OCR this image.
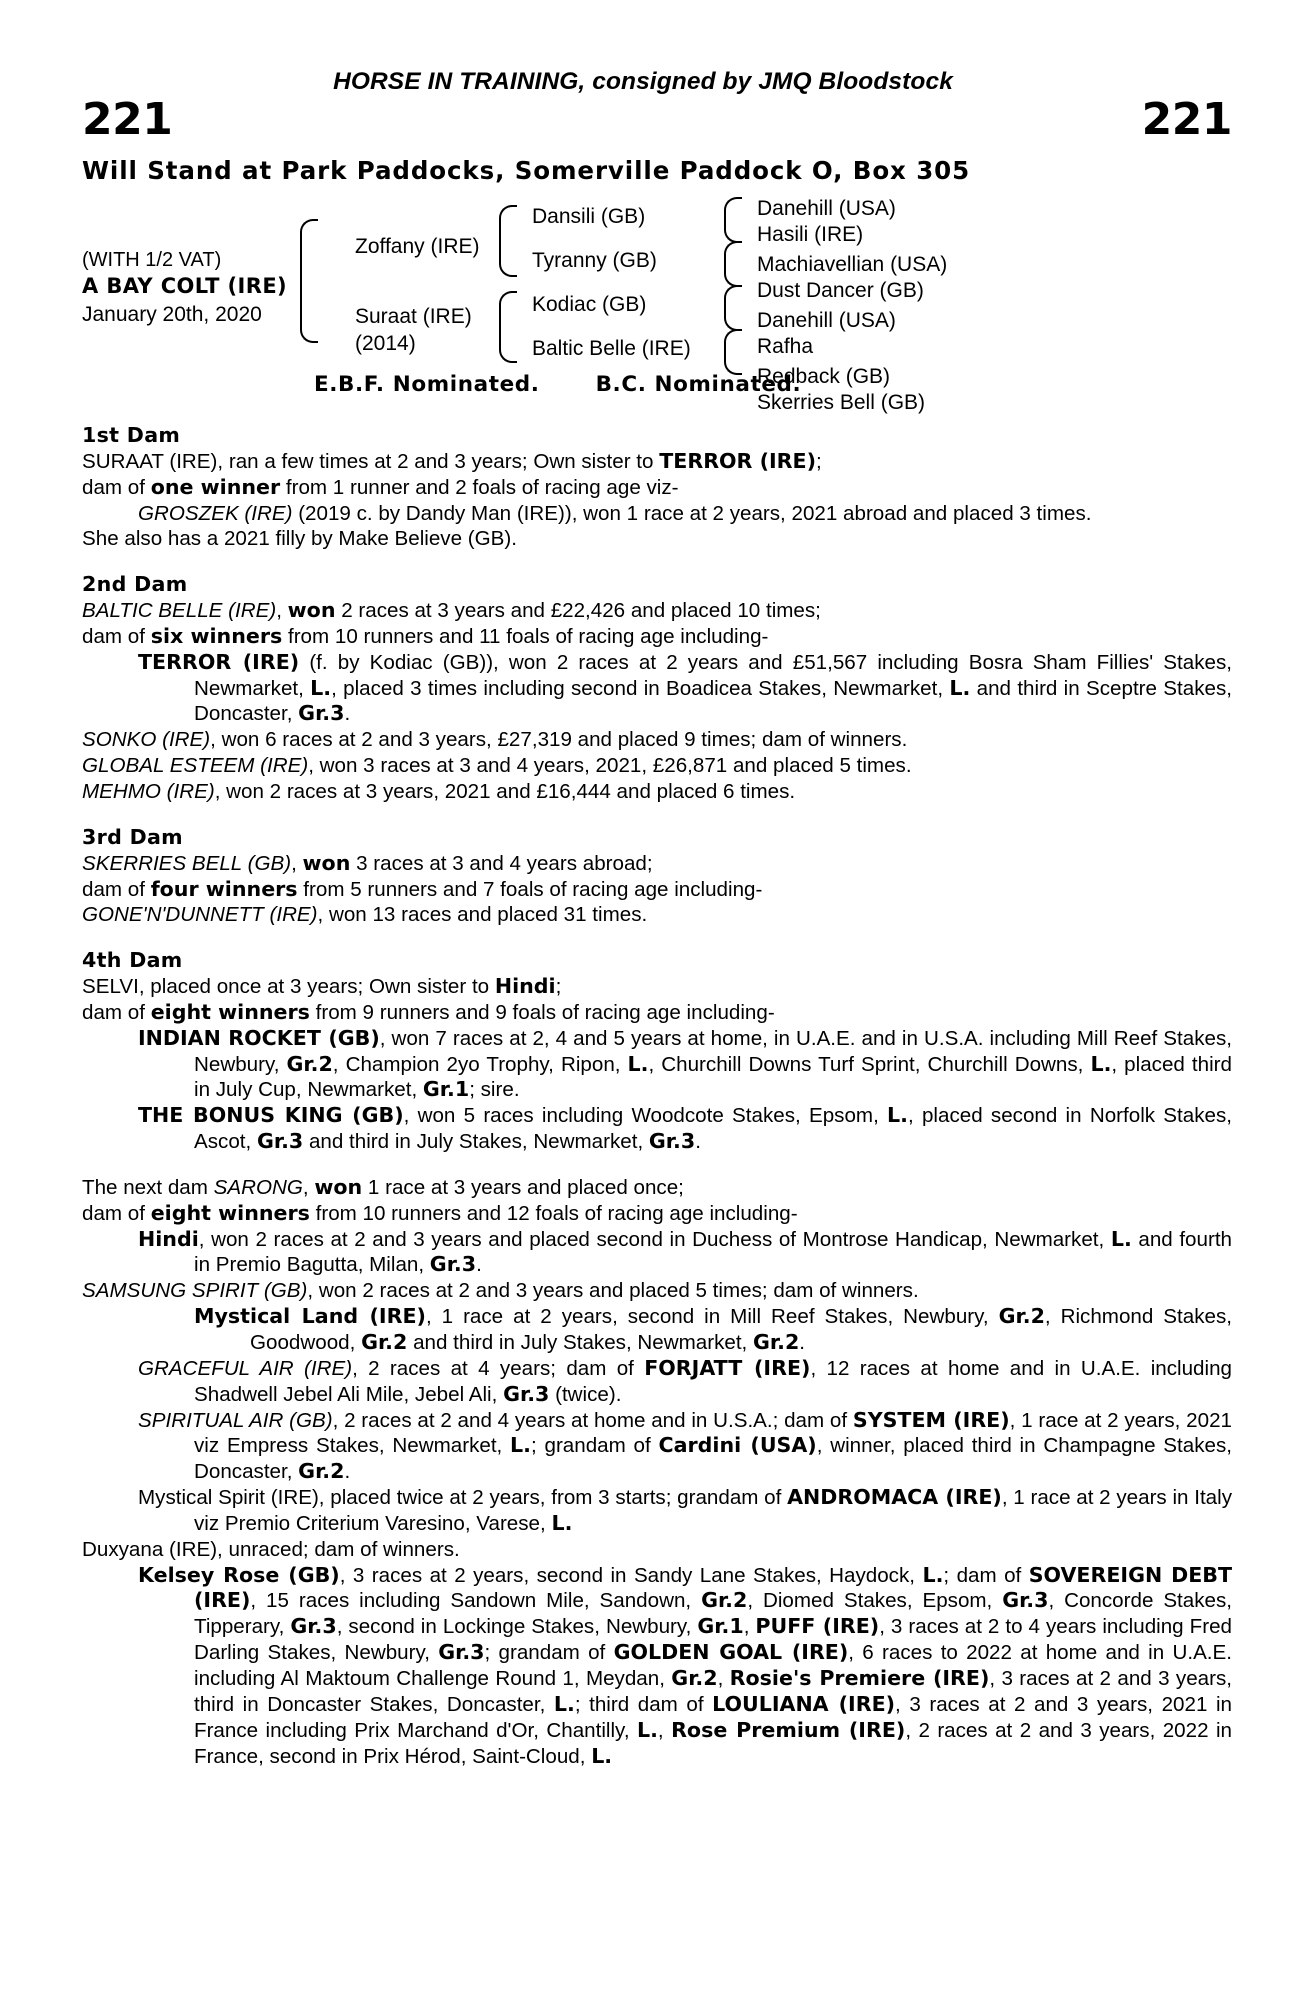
HORSE IN TRAINING, consigned by JMQ Bloodstock
221	221
Will Stand at Park Paddocks, Somerville Paddock O, Box 305
(WITH 1/2 VAT)
A BAY COLT (IRE)
January 20th, 2020
Zoffany (IRE)
Suraat (IRE)
(2014)
Dansili (GB)
Tyranny (GB)
Kodiac (GB)
Baltic Belle (IRE)
Danehill (USA)
Hasili (IRE)
Machiavellian (USA)
Dust Dancer (GB)
Danehill (USA)
Rafha
Redback (GB)
Skerries Bell (GB)
E.B.F. Nominated.	B.C. Nominated.
1st Dam

SURAAT (IRE), ran a few times at 2 and 3 years; Own sister to TERROR (IRE);

dam of one winner from 1 runner and 2 foals of racing age viz-

GROSZEK (IRE) (2019 c. by Dandy Man (IRE)), won 1 race at 2 years, 2021 abroad and placed 3 times.

She also has a 2021 filly by Make Believe (GB).

2nd Dam

BALTIC BELLE (IRE), won 2 races at 3 years and £22,426 and placed 10 times;

dam of six winners from 10 runners and 11 foals of racing age including-

TERROR (IRE) (f. by Kodiac (GB)), won 2 races at 2 years and £51,567 including Bosra Sham Fillies' Stakes, Newmarket, L., placed 3 times including second in Boadicea Stakes, Newmarket, L. and third in Sceptre Stakes, Doncaster, Gr.3.

SONKO (IRE), won 6 races at 2 and 3 years, £27,319 and placed 9 times; dam of winners.

GLOBAL ESTEEM (IRE), won 3 races at 3 and 4 years, 2021, £26,871 and placed 5 times.

MEHMO (IRE), won 2 races at 3 years, 2021 and £16,444 and placed 6 times.

3rd Dam

SKERRIES BELL (GB), won 3 races at 3 and 4 years abroad;

dam of four winners from 5 runners and 7 foals of racing age including-

GONE'N'DUNNETT (IRE), won 13 races and placed 31 times.

4th Dam

SELVI, placed once at 3 years; Own sister to Hindi;

dam of eight winners from 9 runners and 9 foals of racing age including-

INDIAN ROCKET (GB), won 7 races at 2, 4 and 5 years at home, in U.A.E. and in U.S.A. including Mill Reef Stakes, Newbury, Gr.2, Champion 2yo Trophy, Ripon, L., Churchill Downs Turf Sprint, Churchill Downs, L., placed third in July Cup, Newmarket, Gr.1; sire.

THE BONUS KING (GB), won 5 races including Woodcote Stakes, Epsom, L., placed second in Norfolk Stakes, Ascot, Gr.3 and third in July Stakes, Newmarket, Gr.3.

The next dam SARONG, won 1 race at 3 years and placed once;

dam of eight winners from 10 runners and 12 foals of racing age including-

Hindi, won 2 races at 2 and 3 years and placed second in Duchess of Montrose Handicap, Newmarket, L. and fourth in Premio Bagutta, Milan, Gr.3.

SAMSUNG SPIRIT (GB), won 2 races at 2 and 3 years and placed 5 times; dam of winners.

Mystical Land (IRE), 1 race at 2 years, second in Mill Reef Stakes, Newbury, Gr.2, Richmond Stakes, Goodwood, Gr.2 and third in July Stakes, Newmarket, Gr.2.

GRACEFUL AIR (IRE), 2 races at 4 years; dam of FORJATT (IRE), 12 races at home and in U.A.E. including Shadwell Jebel Ali Mile, Jebel Ali, Gr.3 (twice).

SPIRITUAL AIR (GB), 2 races at 2 and 4 years at home and in U.S.A.; dam of SYSTEM (IRE), 1 race at 2 years, 2021 viz Empress Stakes, Newmarket, L.; grandam of Cardini (USA), winner, placed third in Champagne Stakes, Doncaster, Gr.2.

Mystical Spirit (IRE), placed twice at 2 years, from 3 starts; grandam of ANDROMACA (IRE), 1 race at 2 years in Italy viz Premio Criterium Varesino, Varese, L.

Duxyana (IRE), unraced; dam of winners.

Kelsey Rose (GB), 3 races at 2 years, second in Sandy Lane Stakes, Haydock, L.; dam of SOVEREIGN DEBT (IRE), 15 races including Sandown Mile, Sandown, Gr.2, Diomed Stakes, Epsom, Gr.3, Concorde Stakes, Tipperary, Gr.3, second in Lockinge Stakes, Newbury, Gr.1, PUFF (IRE), 3 races at 2 to 4 years including Fred Darling Stakes, Newbury, Gr.3; grandam of GOLDEN GOAL (IRE), 6 races to 2022 at home and in U.A.E. including Al Maktoum Challenge Round 1, Meydan, Gr.2, Rosie's Premiere (IRE), 3 races at 2 and 3 years, third in Doncaster Stakes, Doncaster, L.; third dam of LOULIANA (IRE), 3 races at 2 and 3 years, 2021 in France including Prix Marchand d'Or, Chantilly, L., Rose Premium (IRE), 2 races at 2 and 3 years, 2022 in France, second in Prix Hérod, Saint-Cloud, L.
